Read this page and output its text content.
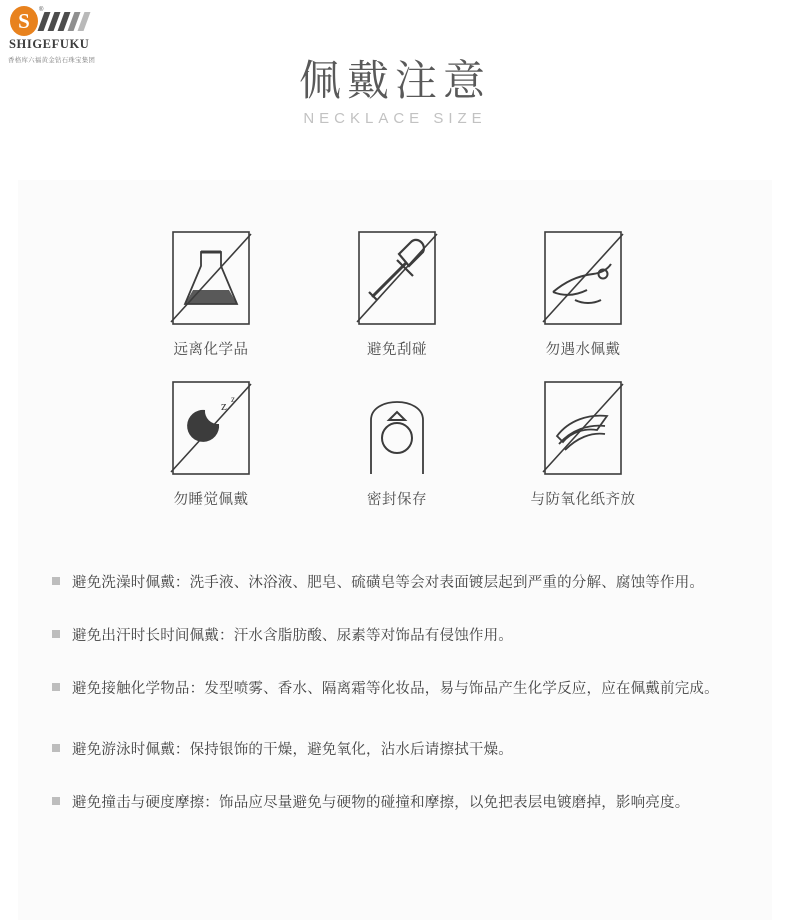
S	®
SHIGEFUKU
香格库六福黄金钻石珠宝集团	佩戴注意
NECKLACE SIZE
远离化学品	避免刮碰	勿遇水佩戴
z z
勿睡觉佩戴	密封保存	与防氧化纸齐放
避免洗澡时佩戴：洗手液、沐浴液、肥皂、硫磺皂等会对表面镀层起到严重的分解、腐蚀等作用。
避免出汗时长时间佩戴：汗水含脂肪酸、尿素等对饰品有侵蚀作用。
避免接触化学物品：发型喷雾、香水、隔离霜等化妆品，易与饰品产生化学反应，应在佩戴前完成。
避免游泳时佩戴：保持银饰的干燥，避免氧化，沾水后请擦拭干燥。
避免撞击与硬度摩擦：饰品应尽量避免与硬物的碰撞和摩擦，以免把表层电镀磨掉，影响亮度。
